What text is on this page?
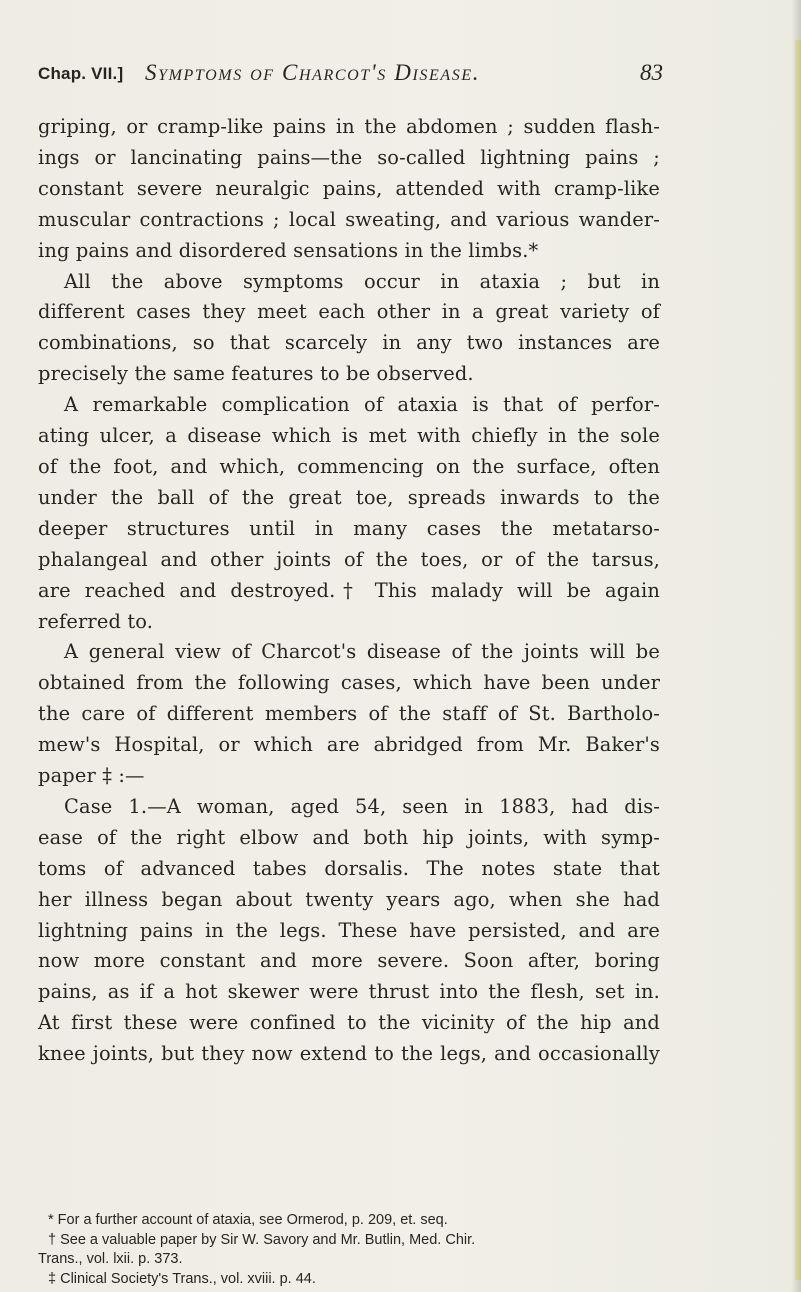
Chap. VII.] Symptoms of Charcot's Disease.	83
griping, or cramp-like pains in the abdomen ; sudden flash-
ings or lancinating pains—the so-called lightning pains ;
constant severe neuralgic pains, attended with cramp-like
muscular contractions ; local sweating, and various wander-
ing pains and disordered sensations in the limbs.*
All the above symptoms occur in ataxia ; but in
different cases they meet each other in a great variety of
combinations, so that scarcely in any two instances are
precisely the same features to be observed.
A remarkable complication of ataxia is that of perfor-
ating ulcer, a disease which is met with chiefly in the sole
of the foot, and which, commencing on the surface, often
under the ball of the great toe, spreads inwards to the
deeper structures until in many cases the metatarso-
phalangeal and other joints of the toes, or of the tarsus,
are reached and destroyed.† This malady will be again
referred to.
A general view of Charcot's disease of the joints will be
obtained from the following cases, which have been under
the care of different members of the staff of St. Bartholo-
mew's Hospital, or which are abridged from Mr. Baker's
paper ‡ :—
Case 1.—A woman, aged 54, seen in 1883, had dis-
ease of the right elbow and both hip joints, with symp-
toms of advanced tabes dorsalis. The notes state that
her illness began about twenty years ago, when she had
lightning pains in the legs. These have persisted, and are
now more constant and more severe. Soon after, boring
pains, as if a hot skewer were thrust into the flesh, set in.
At first these were confined to the vicinity of the hip and
knee joints, but they now extend to the legs, and occasionally
* For a further account of ataxia, see Ormerod, p. 209, et. seq.
† See a valuable paper by Sir W. Savory and Mr. Butlin, Med. Chir.
Trans., vol. lxii. p. 373.
‡ Clinical Society's Trans., vol. xviii. p. 44.
